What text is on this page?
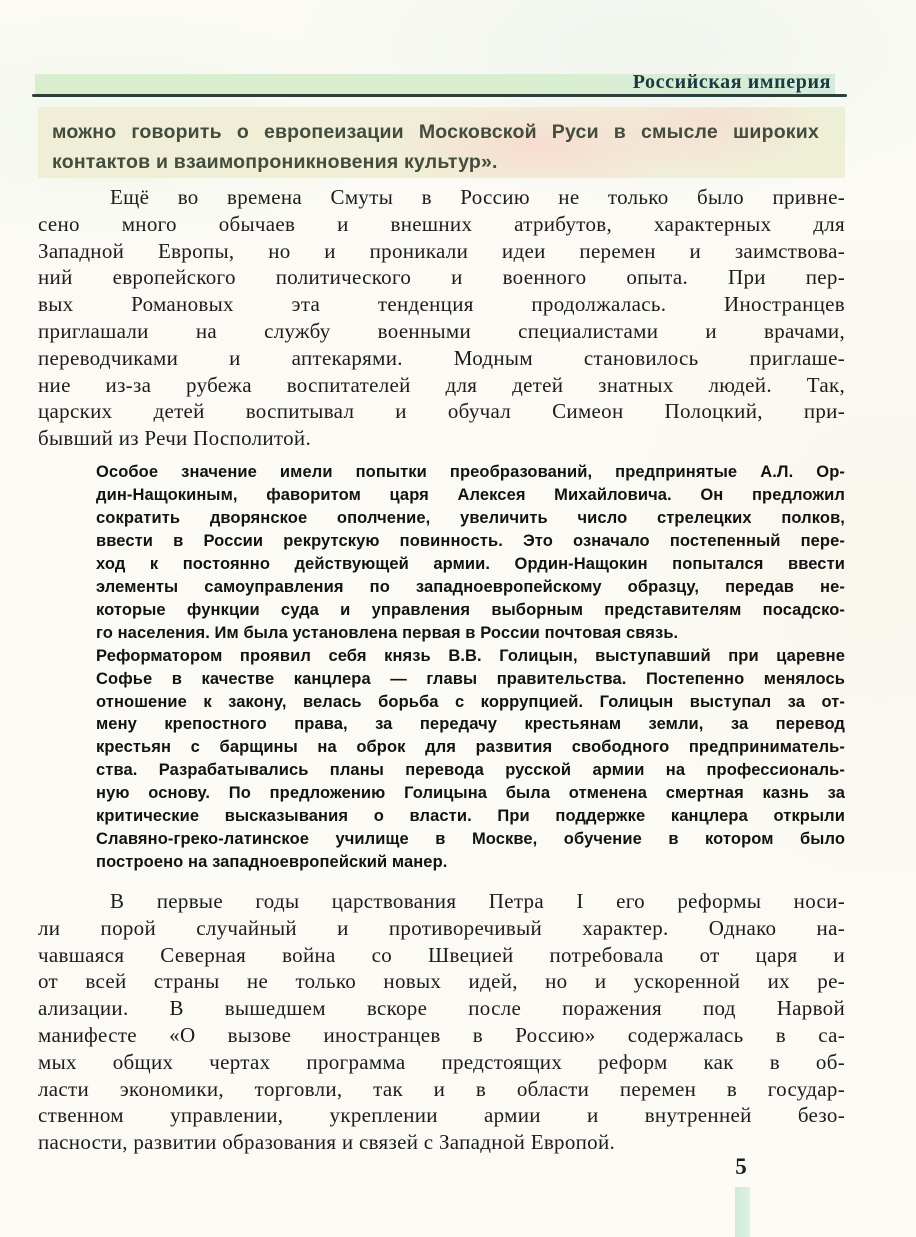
Российская империя
можно говорить о европеизации Московской Руси в смысле широких
контактов и взаимопроникновения культур».
Ещё во времена Смуты в Россию не только было привне-
сено много обычаев и внешних атрибутов, характерных для
Западной Европы, но и проникали идеи перемен и заимствова-
ний европейского политического и военного опыта. При пер-
вых Романовых эта тенденция продолжалась. Иностранцев
приглашали на службу военными специалистами и врачами,
переводчиками и аптекарями. Модным становилось приглаше-
ние из-за рубежа воспитателей для детей знатных людей. Так,
царских детей воспитывал и обучал Симеон Полоцкий, при-
бывший из Речи Посполитой.
Особое значение имели попытки преобразований, предпринятые А.Л. Ор-
дин-Нащокиным, фаворитом царя Алексея Михайловича. Он предложил
сократить дворянское ополчение, увеличить число стрелецких полков,
ввести в России рекрутскую повинность. Это означало постепенный пере-
ход к постоянно действующей армии. Ордин-Нащокин попытался ввести
элементы самоуправления по западноевропейскому образцу, передав не-
которые функции суда и управления выборным представителям посадско-
го населения. Им была установлена первая в России почтовая связь.
Реформатором проявил себя князь В.В. Голицын, выступавший при царевне
Софье в качестве канцлера — главы правительства. Постепенно менялось
отношение к закону, велась борьба с коррупцией. Голицын выступал за от-
мену крепостного права, за передачу крестьянам земли, за перевод
крестьян с барщины на оброк для развития свободного предприниматель-
ства. Разрабатывались планы перевода русской армии на профессиональ-
ную основу. По предложению Голицына была отменена смертная казнь за
критические высказывания о власти. При поддержке канцлера открыли
Славяно-греко-латинское училище в Москве, обучение в котором было
построено на западноевропейский манер.
В первые годы царствования Петра I его реформы носи-
ли порой случайный и противоречивый характер. Однако на-
чавшаяся Северная война со Швецией потребовала от царя и
от всей страны не только новых идей, но и ускоренной их ре-
ализации. В вышедшем вскоре после поражения под Нарвой
манифесте «О вызове иностранцев в Россию» содержалась в са-
мых общих чертах программа предстоящих реформ как в об-
ласти экономики, торговли, так и в области перемен в государ-
ственном управлении, укреплении армии и внутренней безо-
пасности, развитии образования и связей с Западной Европой.
5
